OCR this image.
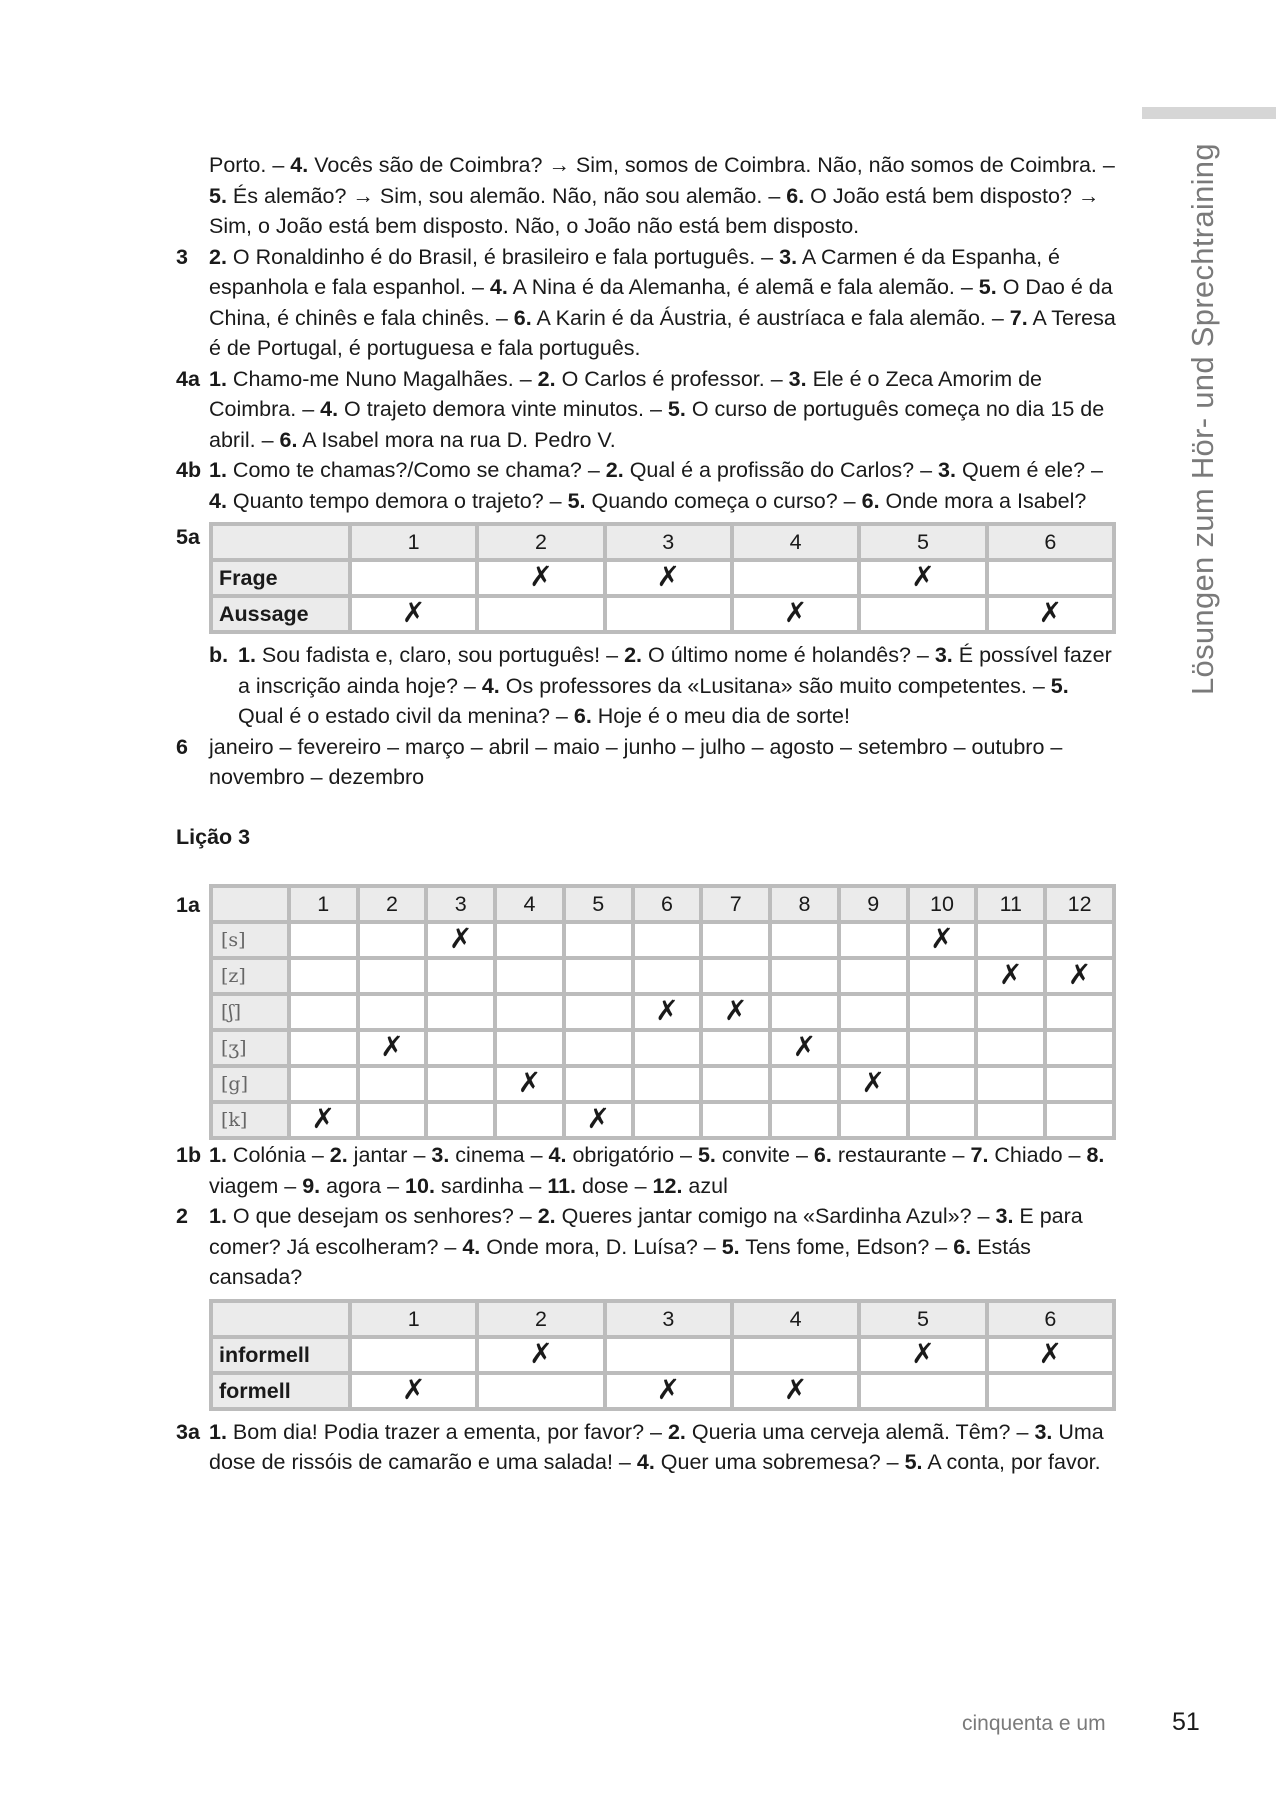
Lösungen zum Hör- und Sprechtraining
Porto. – 4. Vocês são de Coimbra? → Sim, somos de Coimbra. Não, não somos de Coimbra.– 5. És alemão? → Sim, sou alemão. Não, não sou alemão. – 6. O João está bem disposto? → Sim, o João está bem disposto. Não, o João não está bem disposto.
3 2. O Ronaldinho é do Brasil, é brasileiro e fala português. – 3. A Carmen é da Espanha, é espanhola e fala espanhol. – 4. A Nina é da Alemanha, é alemã e fala alemão. – 5. O Dao é da China, é chinês e fala chinês. – 6. A Karin é da Áustria, é austríaca e fala alemão. – 7. A Teresa é de Portugal, é portuguesa e fala português.
4a 1. Chamo-me Nuno Magalhães. – 2. O Carlos é professor. – 3. Ele é o Zeca Amorim de Coimbra. – 4. O trajeto demora vinte minutos. – 5. O curso de português começa no dia 15 de abril. – 6. A Isabel mora na rua D. Pedro V.
4b 1. Como te chamas?/Como se chama? – 2. Qual é a profissão do Carlos? – 3. Quem é ele?– 4. Quanto tempo demora o trajeto? – 5. Quando começa o curso? – 6. Onde mora a Isabel?
5a
		1	2	3	4	5	6
Frage		✗	✗		✗	
Aussage	✗			✗		✗
b. 1. Sou fadista e, claro, sou português! – 2. O último nome é holandês? – 3. É possível fazer a inscrição ainda hoje? – 4. Os professores da «Lusitana» são muito competentes. – 5. Qual é o estado civil da menina? – 6. Hoje é o meu dia de sorte!
6 janeiro – fevereiro – março – abril – maio – junho – julho – agosto – setembro – outubro – novembro – dezembro
Lição 3
1a
		1	2	3	4	5	6	7	8	9	10	11	12
[s]			✗							✗		
[z]											✗	✗
[ʃ]						✗	✗					
[ʒ]		✗						✗				
[g]				✗					✗			
[k]	✗				✗							
1b 1. Colónia – 2. jantar – 3. cinema – 4. obrigatório – 5. convite – 6. restaurante – 7. Chiado – 8. viagem – 9. agora – 10. sardinha – 11. dose – 12. azul
2 1. O que desejam os senhores? – 2. Queres jantar comigo na «Sardinha Azul»? – 3. E para comer? Já escolheram? – 4. Onde mora, D. Luísa? – 5. Tens fome, Edson? – 6. Estás cansada?
	1	2	3	4	5	6
informell		✗			✗	✗
formell	✗		✗	✗		
3a 1. Bom dia! Podia trazer a ementa, por favor? – 2. Queria uma cerveja alemã. Têm? – 3. Uma dose de rissóis de camarão e uma salada! – 4. Quer uma sobremesa? – 5. A conta, por favor.
cinquenta e um	51
